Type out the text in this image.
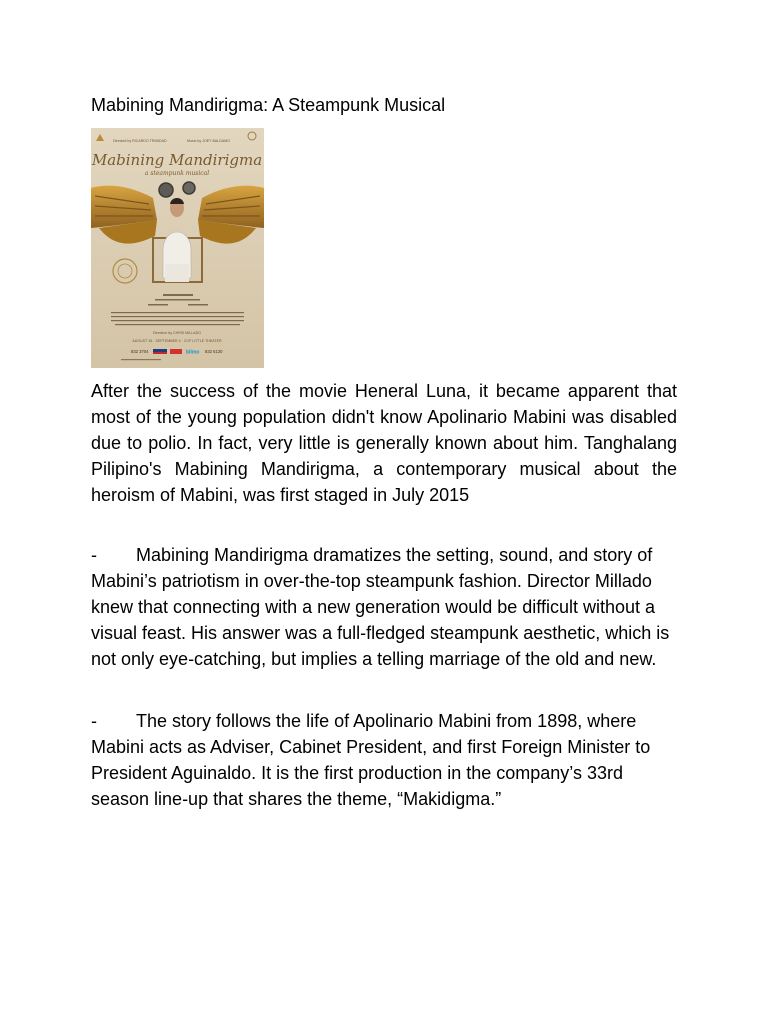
Mabining Mandirigma: A Steampunk Musical
Directed by RICARDO TRINIDAD	Music by JOEY BALDAMO
Mabining Mandirigma
a steampunk musical
Direction by CHRIS MILLADO
AUGUST 16 - SEPTEMBER 4 · CCP LITTLE THEATER
832 3704	bilmo 832 6130

After the success of the movie Heneral Luna, it became apparent that most of the young population didn't know Apolinario Mabini was disabled due to polio. In fact, very little is generally known about him. Tanghalang Pilipino's Mabining Mandirigma, a contemporary musical about the heroism of Mabini, was first staged in July 2015

- Mabining Mandirigma dramatizes the setting, sound, and story of Mabini’s patriotism in over-the-top steampunk fashion. Director Millado knew that connecting with a new generation would be difficult without a visual feast. His answer was a full-fledged steampunk aesthetic, which is not only eye-catching, but implies a telling marriage of the old and new.

- The story follows the life of Apolinario Mabini from 1898, where Mabini acts as Adviser, Cabinet President, and first Foreign Minister to President Aguinaldo. It is the first production in the company’s 33rd season line-up that shares the theme, “Makidigma.”
